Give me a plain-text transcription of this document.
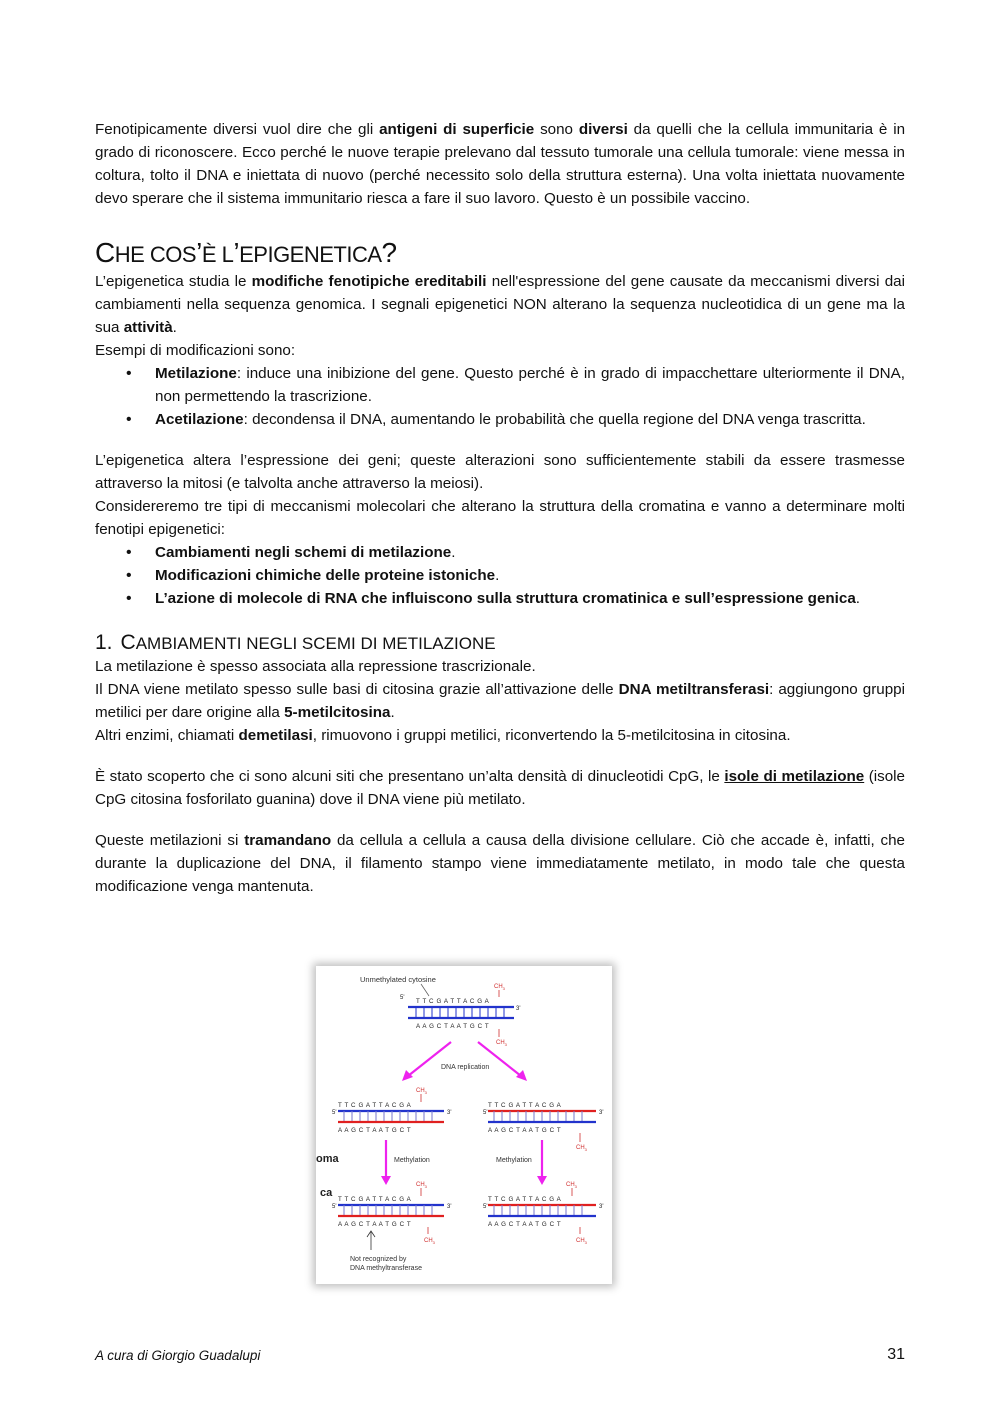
Fenotipicamente diversi vuol dire che gli antigeni di superficie sono diversi da quelli che la cellula immunitaria è in grado di riconoscere. Ecco perché le nuove terapie prelevano dal tessuto tumorale una cellula tumorale: viene messa in coltura, tolto il DNA e iniettata di nuovo (perché necessito solo della struttura esterna). Una volta iniettata nuovamente devo sperare che il sistema immunitario riesca a fare il suo lavoro. Questo è un possibile vaccino.

CHE COS’È L’EPIGENETICA?

L’epigenetica studia le modifiche fenotipiche ereditabili nell'espressione del gene causate da meccanismi diversi dai cambiamenti nella sequenza genomica. I segnali epigenetici NON alterano la sequenza nucleotidica di un gene ma la sua attività.

Esempi di modificazioni sono:

• Metilazione: induce una inibizione del gene. Questo perché è in grado di impacchettare ulteriormente il DNA, non permettendo la trascrizione.
• Acetilazione: decondensa il DNA, aumentando le probabilità che quella regione del DNA venga trascritta.

L’epigenetica altera l’espressione dei geni; queste alterazioni sono sufficientemente stabili da essere trasmesse attraverso la mitosi (e talvolta anche attraverso la meiosi).

Considereremo tre tipi di meccanismi molecolari che alterano la struttura della cromatina e vanno a determinare molti fenotipi epigenetici:

• Cambiamenti negli schemi di metilazione.
• Modificazioni chimiche delle proteine istoniche.
• L’azione di molecole di RNA che influiscono sulla struttura cromatinica e sull’espressione genica.
1. CAMBIAMENTI NEGLI SCEMI DI METILAZIONE

La metilazione è spesso associata alla repressione trascrizionale.

Il DNA viene metilato spesso sulle basi di citosina grazie all’attivazione delle DNA metiltransferasi: aggiungono gruppi metilici per dare origine alla 5-metilcitosina.

Altri enzimi, chiamati demetilasi, rimuovono i gruppi metilici, riconvertendo la 5-metilcitosina in citosina.

È stato scoperto che ci sono alcuni siti che presentano un’alta densità di dinucleotidi CpG, le isole di metilazione (isole CpG citosina fosforilato guanina) dove il DNA viene più metilato.

Queste metilazioni si tramandano da cellula a cellula a causa della divisione cellulare. Ciò che accade è, infatti, che durante la duplicazione del DNA, il filamento stampo viene immediatamente metilato, in modo tale che questa modificazione venga mantenuta.

Unmethylated cytosine
5' T T C G A T T A C G A
A A G C T A A T G C T
3'
$CH_3$
$CH_3$
DNA replication
$CH_3$
5'
T T C G A T T A C G A
A A G C T A A T G C T
3'	5'
T T C G A T T A C G A
A A G C T A A T G C T
3'
$CH_3$
oma
ca
Methylation	Methylation
$CH_3$
5'
T T C G A T T A C G A
A A G C T A A T G C T
3'
$CH_3$
$CH_3$
5'
T T C G A T T A C G A
A A G C T A A T G C T
3'
$CH_3$
Not recognized by
DNA methyltransferase
A cura di Giorgio Guadalupi	31
